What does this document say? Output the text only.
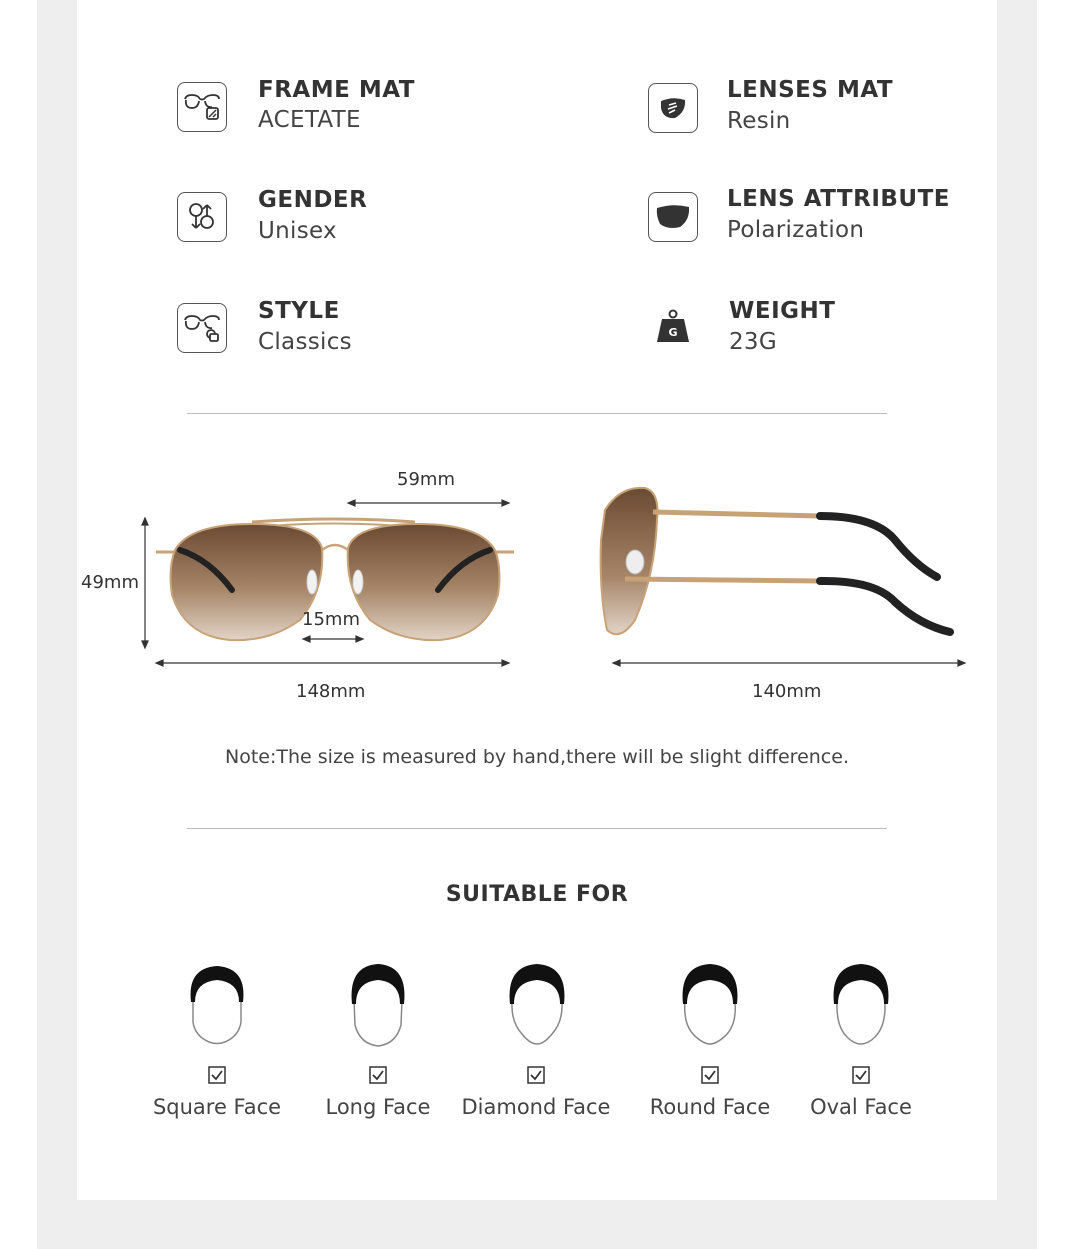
FRAME MAT
ACETATE
LENSES MAT
Resin
GENDER
Unisex
LENS ATTRIBUTE
Polarization
STYLE
Classics	G
WEIGHT
23G
59mm
49mm
15mm
148mm	140mm
Note:The size is measured by hand,there will be slight difference.
SUITABLE FOR
Square Face	Long Face	Diamond Face	Round Face	Oval Face
